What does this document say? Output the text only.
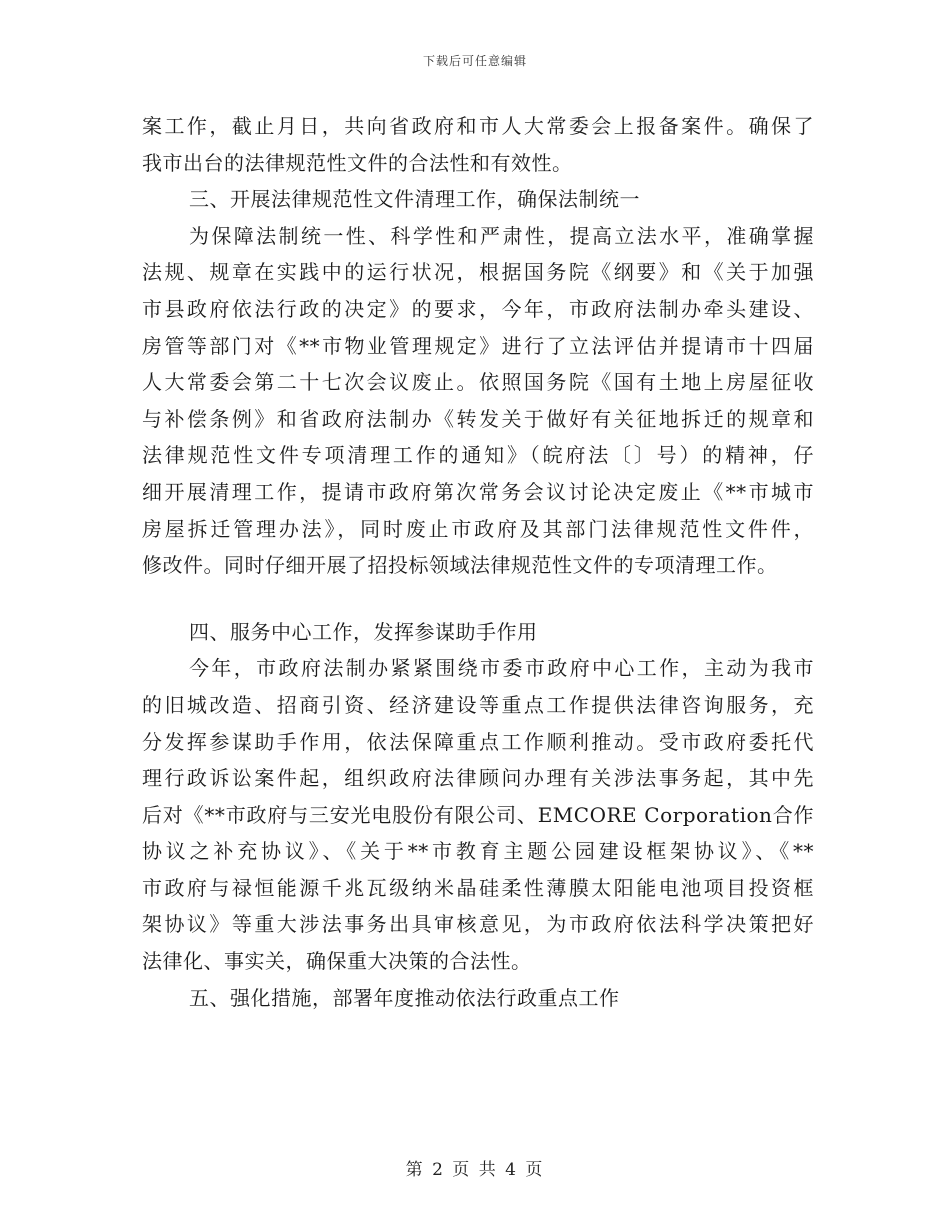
下载后可任意编辑
案工作，截止月日，共向省政府和市人大常委会上报备案件。确保了
我市出台的法律规范性文件的合法性和有效性。
三、开展法律规范性文件清理工作，确保法制统一
为保障法制统一性、科学性和严肃性，提高立法水平，准确掌握
法规、规章在实践中的运行状况，根据国务院《纲要》和《关于加强
市县政府依法行政的决定》的要求，今年，市政府法制办牵头建设、
房管等部门对《**市物业管理规定》进行了立法评估并提请市十四届
人大常委会第二十七次会议废止。依照国务院《国有土地上房屋征收
与补偿条例》和省政府法制办《转发关于做好有关征地拆迁的规章和
法律规范性文件专项清理工作的通知》（皖府法〔〕号）的精神，仔
细开展清理工作，提请市政府第次常务会议讨论决定废止《**市城市
房屋拆迁管理办法》，同时废止市政府及其部门法律规范性文件件，
修改件。同时仔细开展了招投标领域法律规范性文件的专项清理工作。
四、服务中心工作，发挥参谋助手作用
今年，市政府法制办紧紧围绕市委市政府中心工作，主动为我市
的旧城改造、招商引资、经济建设等重点工作提供法律咨询服务，充
分发挥参谋助手作用，依法保障重点工作顺利推动。受市政府委托代
理行政诉讼案件起，组织政府法律顾问办理有关涉法事务起，其中先
后对《**市政府与三安光电股份有限公司、EMCORE Corporation合作
协议之补充协议》、《关于**市教育主题公园建设框架协议》、《**
市政府与禄恒能源千兆瓦级纳米晶硅柔性薄膜太阳能电池项目投资框
架协议》等重大涉法事务出具审核意见，为市政府依法科学决策把好
法律化、事实关，确保重大决策的合法性。
五、强化措施，部署年度推动依法行政重点工作
第 2 页 共 4 页
